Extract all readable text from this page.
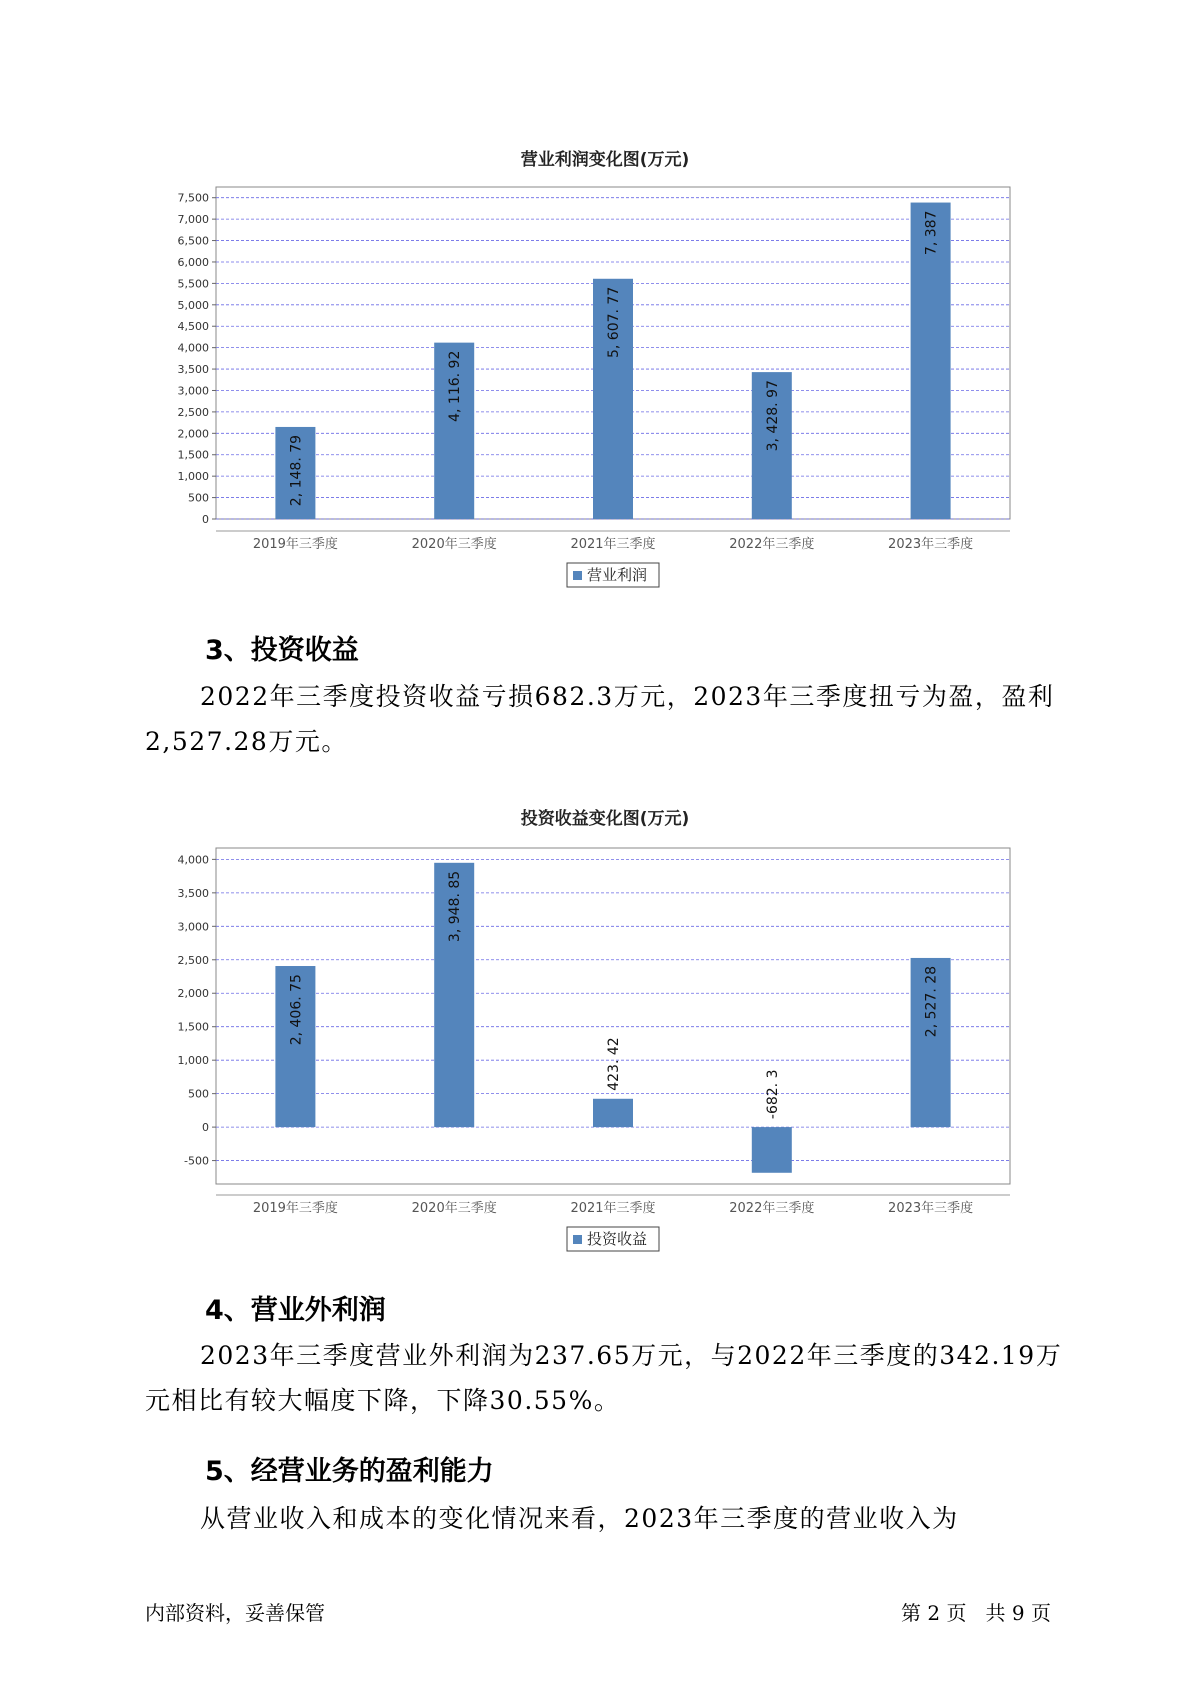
营业利润变化图(万元)
0
500
1,000
1,500
2,000
2,500
3,000
3,500
4,000
4,500
5,000
5,500
6,000
6,500
7,000
7,500
2, 148. 79
4, 116. 92
5, 607. 77
3, 428. 97
7, 387
2019年三季度	2020年三季度	2021年三季度	2022年三季度	2023年三季度
营业利润
3、投资收益
2022年三季度投资收益亏损682.3万元，2023年三季度扭亏为盈，盈利
2,527.28万元。
投资收益变化图(万元)
-500
0
500
1,000
1,500
2,000
2,500
3,000
3,500
4,000
2, 406. 75
3, 948. 85
423. 42
-682. 3
2, 527. 28
2019年三季度	2020年三季度	2021年三季度	2022年三季度	2023年三季度
投资收益
4、营业外利润
2023年三季度营业外利润为237.65万元，与2022年三季度的342.19万
元相比有较大幅度下降，下降30.55%。
5、经营业务的盈利能力
从营业收入和成本的变化情况来看，2023年三季度的营业收入为
内部资料，妥善保管	第 2 页   共 9 页
